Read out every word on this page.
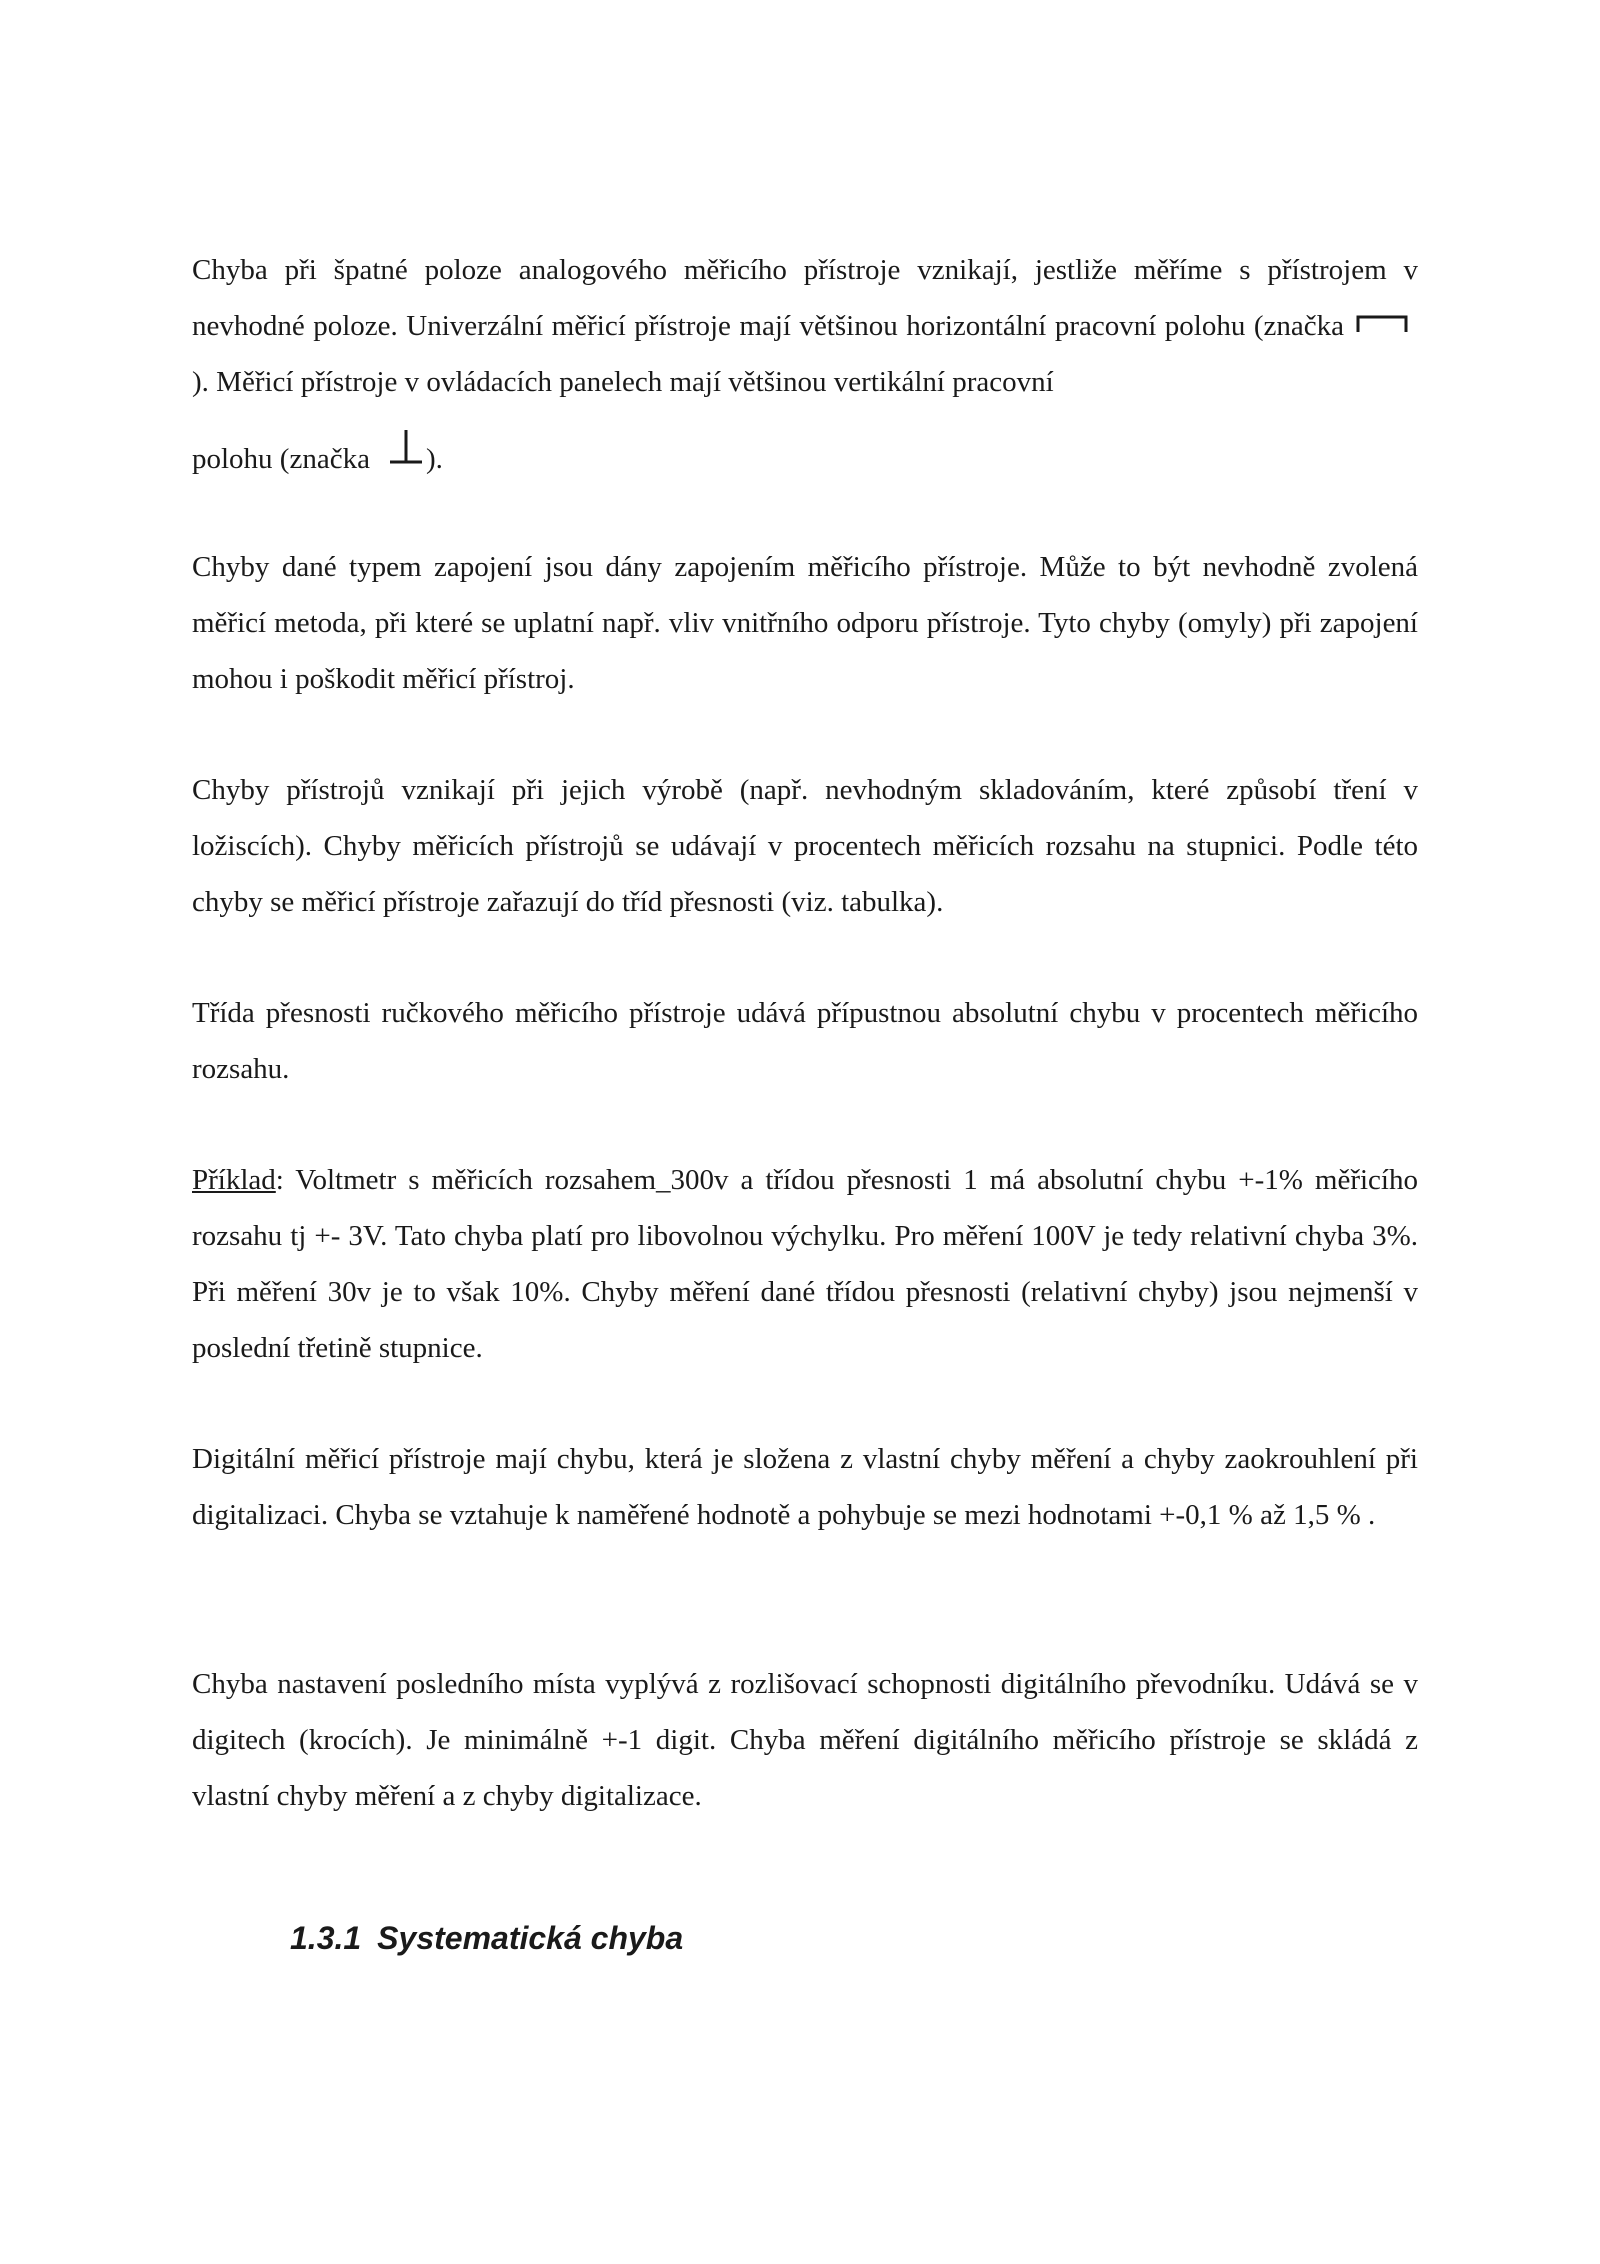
Chyba při špatné poloze analogového měřicího přístroje vznikají, jestliže měříme s přístrojem v nevhodné poloze. Univerzální měřicí přístroje mají většinou horizontální pracovní polohu (značka
). Měřicí přístroje v ovládacích panelech mají většinou vertikální pracovní
polohu (značka ).

Chyby dané typem zapojení jsou dány zapojením měřicího přístroje. Může to být nevhodně zvolená měřicí metoda, při které se uplatní např. vliv vnitřního odporu přístroje. Tyto chyby (omyly) při zapojení mohou i poškodit měřicí přístroj.

Chyby přístrojů vznikají při jejich výrobě (např. nevhodným skladováním, které způsobí tření v ložiscích). Chyby měřicích přístrojů se udávají v procentech měřicích rozsahu na stupnici. Podle této chyby se měřicí přístroje zařazují do tříd přesnosti (viz. tabulka).

Třída přesnosti ručkového měřicího přístroje udává přípustnou absolutní chybu v procentech měřicího rozsahu.

Příklad: Voltmetr s měřicích rozsahem_300v a třídou přesnosti 1 má absolutní chybu +-1% měřicího rozsahu tj +- 3V. Tato chyba platí pro libovolnou výchylku. Pro měření 100V je tedy relativní chyba 3%. Při měření 30v je to však 10%. Chyby měření dané třídou přesnosti (relativní chyby) jsou nejmenší v poslední třetině stupnice.

Digitální měřicí přístroje mají chybu, která je složena z vlastní chyby měření a chyby zaokrouhlení při digitalizaci. Chyba se vztahuje k naměřené hodnotě a pohybuje se mezi hodnotami +-0,1 % až 1,5 % .

Chyba nastavení posledního místa vyplývá z rozlišovací schopnosti digitálního převodníku. Udává se v digitech (krocích). Je minimálně +-1 digit. Chyba měření digitálního měřicího přístroje se skládá z vlastní chyby měření a z chyby digitalizace.

1.3.1 Systematická chyba
